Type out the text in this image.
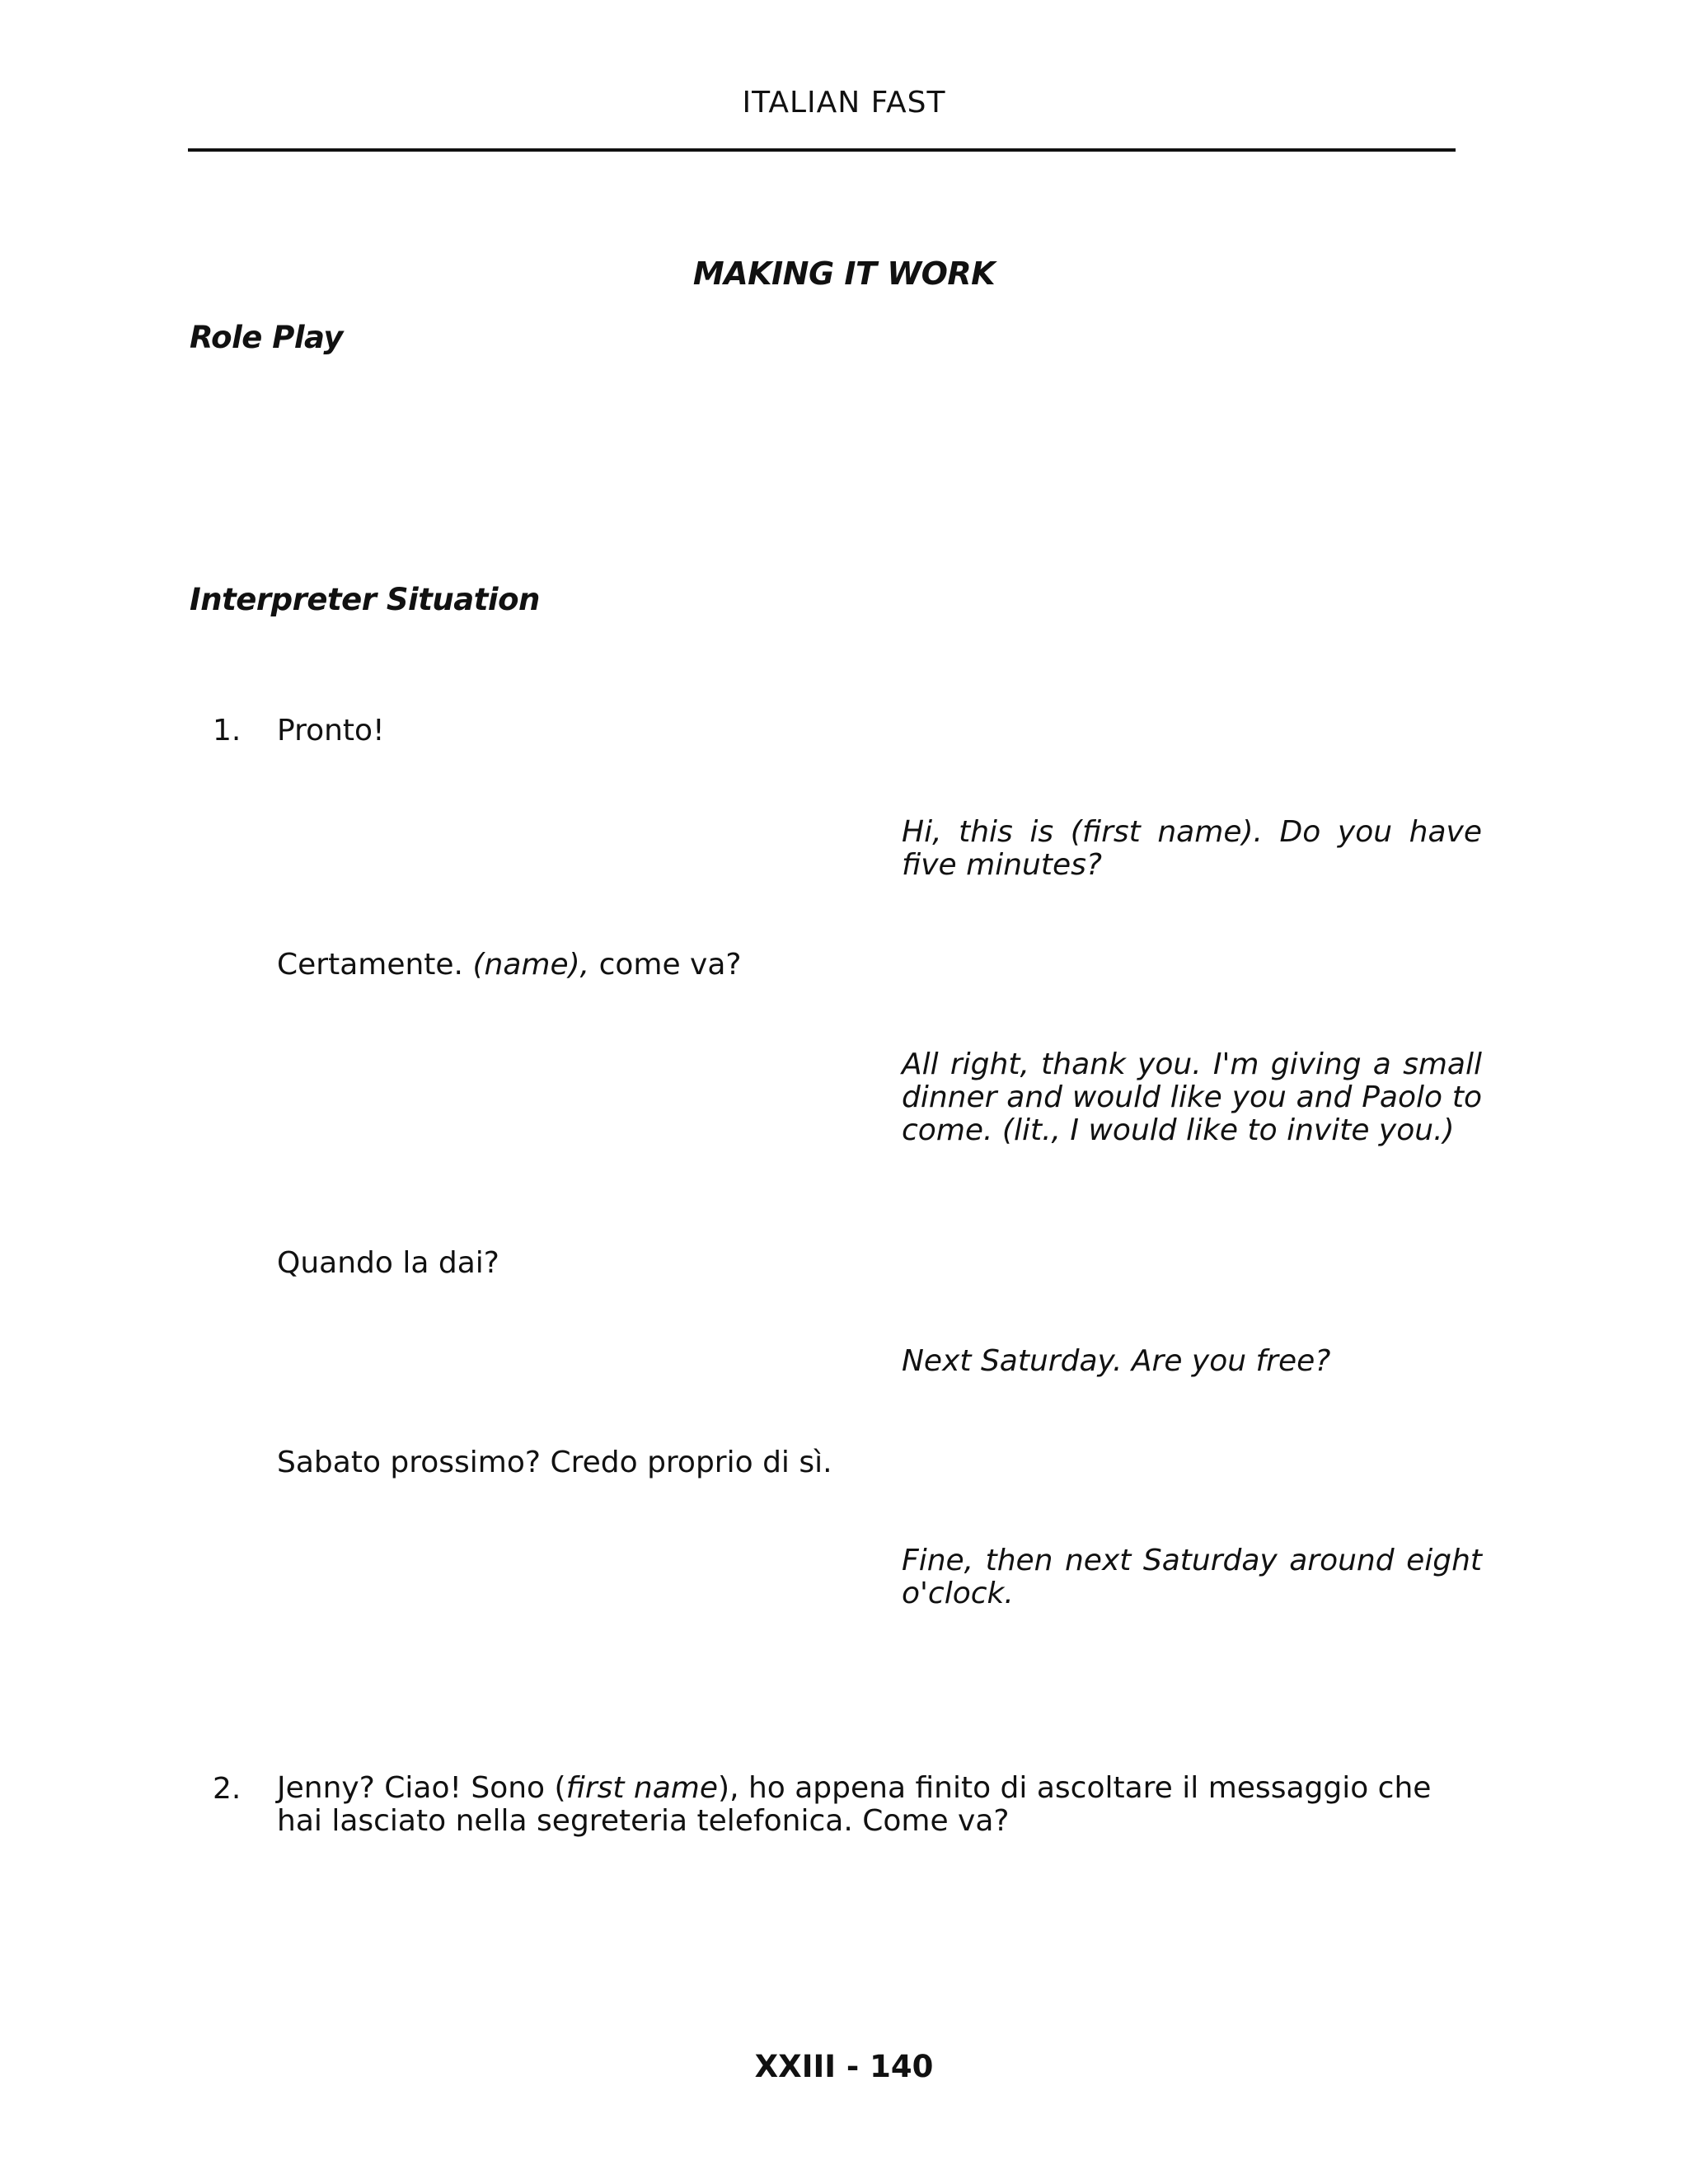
ITALIAN FAST
MAKING IT WORK
Role Play
Interpreter Situation
1. Pronto!
Hi, this is (first name). Do you have five minutes?
Certamente. (name), come va?
All right, thank you. I'm giving a small dinner and would like you and Paolo to come. (lit., I would like to invite you.)
Quando la dai?
Next Saturday. Are you free?
Sabato prossimo? Credo proprio di sì.
Fine, then next Saturday around eight o'clock.
2. Jenny? Ciao! Sono (first name), ho appena finito di ascoltare il messaggio che hai lasciato nella segreteria telefonica. Come va?
XXIII - 140
